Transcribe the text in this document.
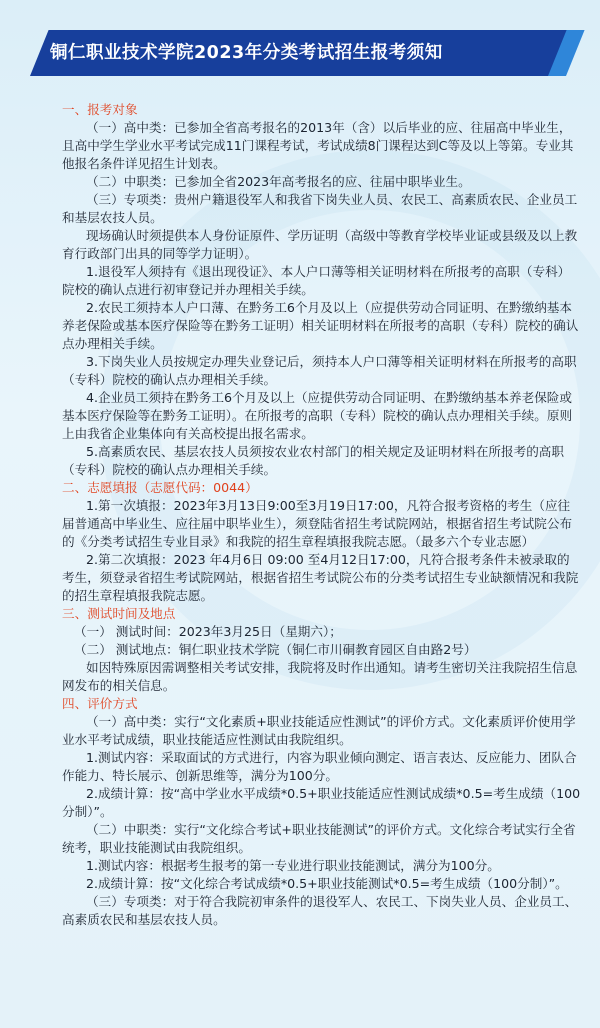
铜仁职业技术学院2023年分类考试招生报考须知

一、报考对象

（一）高中类：已参加全省高考报名的2013年（含）以后毕业的应、往届高中毕业生，且高中学生学业水平考试完成11门课程考试，考试成绩8门课程达到C等及以上等第。专业其他报名条件详见招生计划表。

（二）中职类：已参加全省2023年高考报名的应、往届中职毕业生。

（三）专项类：贵州户籍退役军人和我省下岗失业人员、农民工、高素质农民、企业员工和基层农技人员。

现场确认时须提供本人身份证原件、学历证明（高级中等教育学校毕业证或县级及以上教育行政部门出具的同等学力证明）。

1.退役军人须持有《退出现役证》、本人户口薄等相关证明材料在所报考的高职（专科）院校的确认点进行初审登记并办理相关手续。

2.农民工须持本人户口薄、在黔务工6个月及以上（应提供劳动合同证明、在黔缴纳基本养老保险或基本医疗保险等在黔务工证明）相关证明材料在所报考的高职（专科）院校的确认点办理相关手续。

3.下岗失业人员按规定办理失业登记后，须持本人户口薄等相关证明材料在所报考的高职（专科）院校的确认点办理相关手续。

4.企业员工须持在黔务工6个月及以上（应提供劳动合同证明、在黔缴纳基本养老保险或基本医疗保险等在黔务工证明）。在所报考的高职（专科）院校的确认点办理相关手续。原则上由我省企业集体向有关高校提出报名需求。

5.高素质农民、基层农技人员须按农业农村部门的相关规定及证明材料在所报考的高职（专科）院校的确认点办理相关手续。

二、志愿填报（志愿代码：0044）

1.第一次填报：2023年3月13日9:00至3月19日17:00，凡符合报考资格的考生（应往届普通高中毕业生、应往届中职毕业生），须登陆省招生考试院网站，根据省招生考试院公布的《分类考试招生专业目录》和我院的招生章程填报我院志愿。（最多六个专业志愿）

2.第二次填报：2023 年4月6日 09:00 至4月12日17:00，凡符合报考条件未被录取的考生，须登录省招生考试院网站，根据省招生考试院公布的分类考试招生专业缺额情况和我院的招生章程填报我院志愿。

三、测试时间及地点

（一） 测试时间：2023年3月25日（星期六）；

（二） 测试地点：铜仁职业技术学院（铜仁市川硐教育园区自由路2号）

如因特殊原因需调整相关考试安排，我院将及时作出通知。请考生密切关注我院招生信息网发布的相关信息。

四、评价方式

（一）高中类：实行“文化素质+职业技能适应性测试”的评价方式。文化素质评价使用学业水平考试成绩，职业技能适应性测试由我院组织。

1.测试内容：采取面试的方式进行，内容为职业倾向测定、语言表达、反应能力、团队合作能力、特长展示、创新思维等，满分为100分。

2.成绩计算：按“高中学业水平成绩*0.5+职业技能适应性测试成绩*0.5=考生成绩（100分制）”。

（二）中职类：实行“文化综合考试+职业技能测试”的评价方式。文化综合考试实行全省统考，职业技能测试由我院组织。

1.测试内容：根据考生报考的第一专业进行职业技能测试，满分为100分。

2.成绩计算：按“文化综合考试成绩*0.5+职业技能测试*0.5=考生成绩（100分制）”。

（三）专项类：对于符合我院初审条件的退役军人、农民工、下岗失业人员、企业员工、高素质农民和基层农技人员。
